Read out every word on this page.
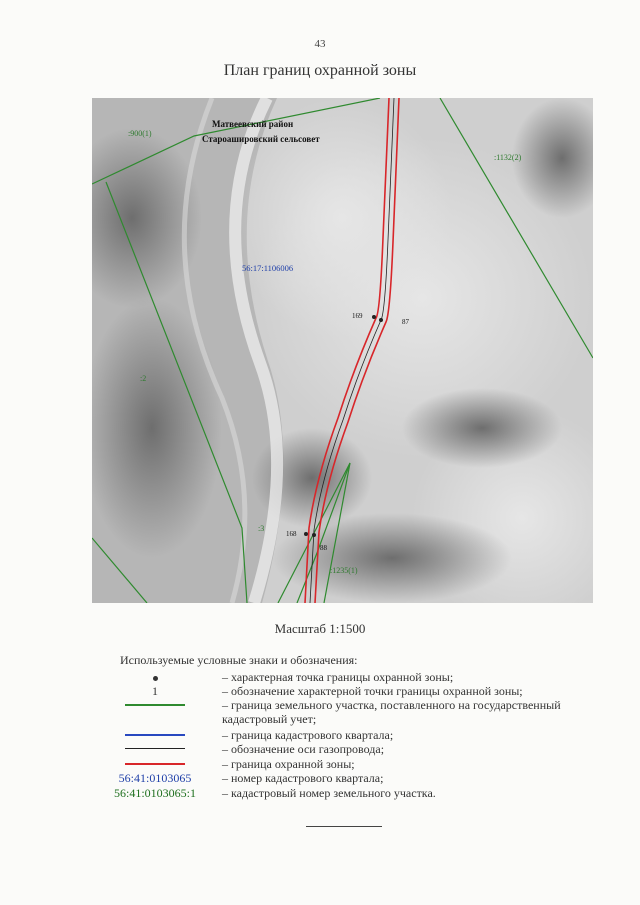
43
План границ охранной зоны
Матвеевский район
Староашировский сельсовет
56:17:1106006
:900(1)
:1132(2)
:2
:3
:1235(1)
169
87
168
88
Масштаб 1:1500
Используемые условные знаки и обозначения:
– характерная точка границы охранной зоны;
1	– обозначение характерной точки границы охранной зоны;
– граница земельного участка, поставленного на государственный кадастровый учет;
– граница кадастрового квартала;
– обозначение оси газопровода;
– граница охранной зоны;
56:41:0103065	– номер кадастрового квартала;
56:41:0103065:1	– кадастровый номер земельного участка.
